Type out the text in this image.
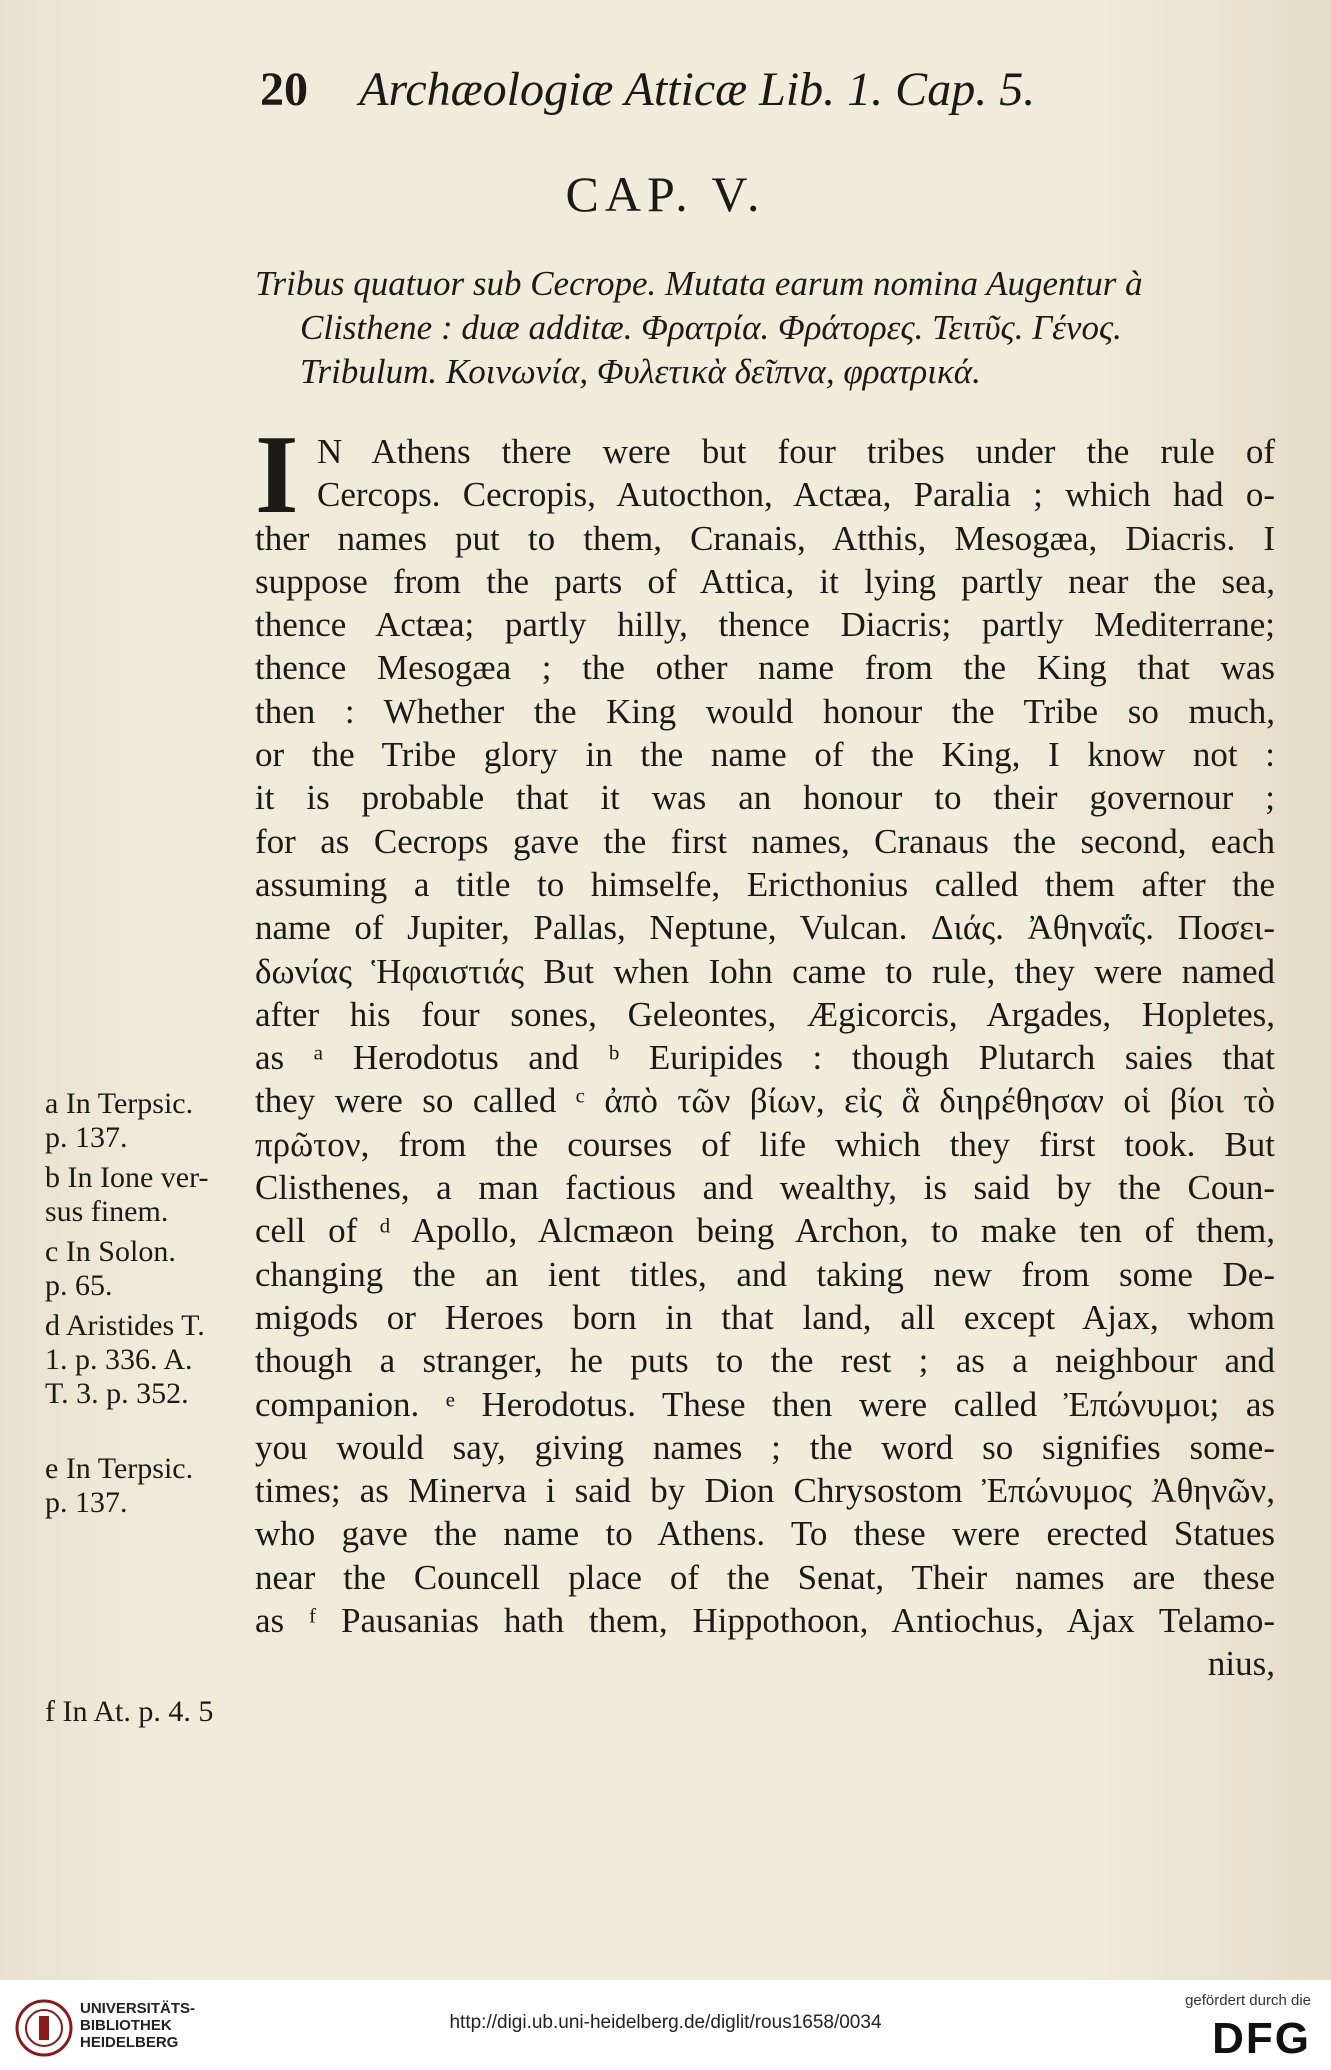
20 Archæologiæ Atticæ Lib. 1. Cap. 5.
CAP. V.
Tribus quatuor sub Cecrope. Mutata earum nomina Augentur à
Clisthene : duæ additæ. Φρατρία. Φράτορες. Τειτῦς. Γένος.
Tribulum. Κοινωνία, Φυλετικὰ δεῖπνα, φρατρικά.
I N Athens there were but four tribes under the rule of
Cercops. Cecropis, Autocthon, Actæa, Paralia ; which had o-
ther names put to them, Cranais, Atthis, Mesogæa, Diacris. I
suppose from the parts of Attica, it lying partly near the sea,
thence Actæa; partly hilly, thence Diacris; partly Mediterrane;
thence Mesogæa ; the other name from the King that was
then : Whether the King would honour the Tribe so much,
or the Tribe glory in the name of the King, I know not :
it is probable that it was an honour to their governour ;
for as Cecrops gave the first names, Cranaus the second, each
assuming a title to himselfe, Ericthonius called them after the
name of Jupiter, Pallas, Neptune, Vulcan. Διάς. Ἀθηναΐς. Ποσει-
δωνίας Ἡφαιστιάς But when Iohn came to rule, they were named
after his four sones, Geleontes, Ægicorcis, Argades, Hopletes,
as ᵃ Herodotus and ᵇ Euripides : though Plutarch saies that
they were so called ᶜ ἀπὸ τῶν βίων, εἰς ἃ διηρέθησαν οἱ βίοι τὸ
πρῶτον, from the courses of life which they first took. But
Clisthenes, a man factious and wealthy, is said by the Coun-
cell of ᵈ Apollo, Alcmæon being Archon, to make ten of them,
changing the an ient titles, and taking new from some De-
migods or Heroes born in that land, all except Ajax, whom
though a stranger, he puts to the rest ; as a neighbour and
companion. ᵉ Herodotus. These then were called Ἐπώνυμοι; as
you would say, giving names ; the word so signifies some-
times; as Minerva i said by Dion Chrysostom Ἐπώνυμος Ἀθηνῶν,
who gave the name to Athens. To these were erected Statues
near the Councell place of the Senat, Their names are these
as ᶠ Pausanias hath them, Hippothoon, Antiochus, Ajax Telamo-
nius,
a In Terpsic.
p. 137.
b In Ione ver-
sus finem.
c In Solon.
p. 65.
d Aristides T.
1. p. 336. A.
T. 3. p. 352.
e In Terpsic.
p. 137.
f In At. p. 4. 5
UNIVERSITÄTS-
BIBLIOTHEK
HEIDELBERG
http://digi.ub.uni-heidelberg.de/diglit/rous1658/0034
gefördert durch die
DFG
